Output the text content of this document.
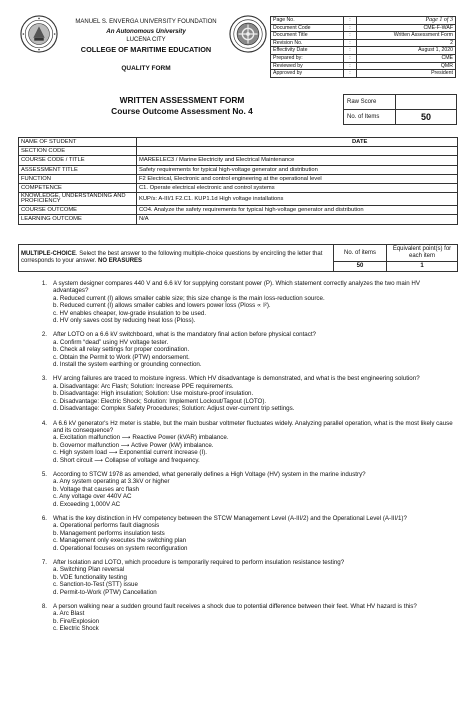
MANUEL S. ENVERGA UNIVERSITY FOUNDATION
An Autonomous University
LUCENA CITY
COLLEGE OF MARITIME EDUCATION
QUALITY FORM
Page No.	:	Page 1 of 3
Document Code	:	CME-F-WAF
Document Title	:	Written Assessment Form
Revision No.	:	2
Effectivity Date	:	August 1, 2020
Prepared by:	:	CME
Reviewed by	:	QMR
Approved by	:	President
WRITTEN ASSESSMENT FORM
Course Outcome Assessment No. 4
Raw Score	
No. of Items	50
NAME OF STUDENT	DATE
SECTION CODE	
COURSE CODE / TITLE	MAREELEC3 / Marine Electricity and Electrical Maintenance
ASSESSMENT TITLE	Safety requirements for typical high-voltage generator and distribution
FUNCTION	F2 Electrical, Electronic and control engineering at the operational level
COMPETENCE	C1. Operate electrical electronic and control systems
KNOWLEDGE, UNDERSTANDING AND PROFICIENCY	KUP/s: A-III/1 F2.C1. KUP1.1d High voltage installations
COURSE OUTCOME	CO4. Analyze the safety requirements for typical high-voltage generator and distribution
LEARNING OUTCOME	N/A
MULTIPLE-CHOICE. Select the best answer to the following multiple-choice questions by encircling the letter that corresponds to your answer. NO ERASURES	No. of items	Equivalent point(s) for each item
	50	1
1. A system designer compares 440 V and 6.6 kV for supplying constant power (P). Which statement correctly analyzes the two main HV advantages?
a. Reduced current (I) allows smaller cable size; this size change is the main loss-reduction source.
b. Reduced current (I) allows smaller cables and lowers power loss (Ploss ∝ I²).
c. HV enables cheaper, low-grade insulation to be used.
d. HV only saves cost by reducing heat loss (Ploss).
2. After LOTO on a 6.6 kV switchboard, what is the mandatory final action before physical contact?
a. Confirm “dead” using HV voltage tester.
b. Check all relay settings for proper coordination.
c. Obtain the Permit to Work (PTW) endorsement.
d. Install the system earthing or grounding connection.
3. HV arcing failures are traced to moisture ingress. Which HV disadvantage is demonstrated, and what is the best engineering solution?
a. Disadvantage: Arc Flash; Solution: Increase PPE requirements.
b. Disadvantage: High insulation; Solution: Use moisture-proof insulation.
c. Disadvantage: Electric Shock; Solution: Implement Lockout/Tagout (LOTO).
d. Disadvantage: Complex Safety Procedures; Solution: Adjust over-current trip settings.
4. A 6.6 kV generator's Hz meter is stable, but the main busbar voltmeter fluctuates widely. Analyzing parallel operation, what is the most likely cause and its consequence?
a. Excitation malfunction ⟶ Reactive Power (kVAR) imbalance.
b. Governor malfunction ⟶ Active Power (kW) imbalance.
c. High system load ⟶ Exponential current increase (I).
d. Short circuit ⟶ Collapse of voltage and frequency.
5. According to STCW 1978 as amended, what generally defines a High Voltage (HV) system in the marine industry?
a. Any system operating at 3.3kV or higher
b. Voltage that causes arc flash
c. Any voltage over 440V AC
d. Exceeding 1,000V AC
6. What is the key distinction in HV competency between the STCW Management Level (A-III/2) and the Operational Level (A-III/1)?
a. Operational performs fault diagnosis
b. Management performs insulation tests
c. Management only executes the switching plan
d. Operational focuses on system reconfiguration
7. After Isolation and LOTO, which procedure is temporarily required to perform insulation resistance testing?
a. Switching Plan reversal
b. VDE functionality testing
c. Sanction-to-Test (STT) issue
d. Permit-to-Work (PTW) Cancellation
8. A person walking near a sudden ground fault receives a shock due to potential difference between their feet. What HV hazard is this?
a. Arc Blast
b. Fire/Explosion
c. Electric Shock
